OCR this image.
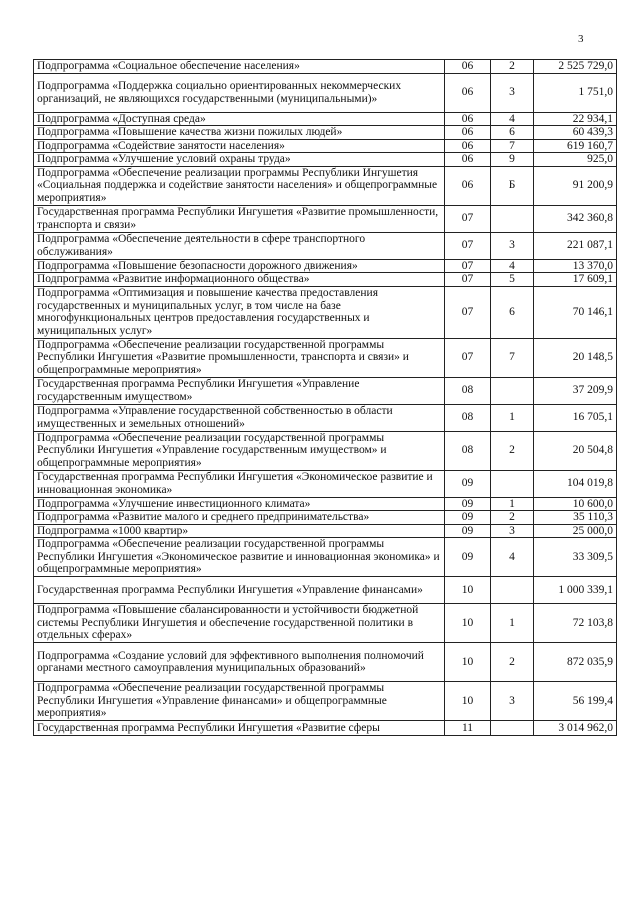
3
Подпрограмма «Социальное обеспечение населения»	06	2	2 525 729,0
Подпрограмма «Поддержка социально ориентированных некоммерческих организаций, не являющихся государственными (муниципальными)»	06	3	1 751,0
Подпрограмма «Доступная среда»	06	4	22 934,1
Подпрограмма «Повышение качества жизни пожилых людей»	06	6	60 439,3
Подпрограмма «Содействие занятости населения»	06	7	619 160,7
Подпрограмма «Улучшение условий охраны труда»	06	9	925,0
Подпрограмма «Обеспечение реализации программы Республики Ингушетия «Социальная поддержка и содействие занятости населения» и общепрограммные мероприятия»	06	Б	91 200,9
Государственная программа Республики Ингушетия «Развитие промышленности, транспорта и связи»	07		342 360,8
Подпрограмма «Обеспечение деятельности в сфере транспортного обслуживания»	07	3	221 087,1
Подпрограмма «Повышение безопасности дорожного движения»	07	4	13 370,0
Подпрограмма «Развитие информационного общества»	07	5	17 609,1
Подпрограмма «Оптимизация и повышение качества предоставления государственных и муниципальных услуг, в том числе на базе многофункциональных центров предоставления государственных и муниципальных услуг»	07	6	70 146,1
Подпрограмма «Обеспечение реализации государственной программы Республики Ингушетия «Развитие промышленности, транспорта и связи» и общепрограммные мероприятия»	07	7	20 148,5
Государственная программа Республики Ингушетия «Управление государственным имуществом»	08		37 209,9
Подпрограмма «Управление государственной собственностью в области имущественных и земельных отношений»	08	1	16 705,1
Подпрограмма «Обеспечение реализации государственной программы Республики Ингушетия «Управление государственным имуществом» и общепрограммные мероприятия»	08	2	20 504,8
Государственная программа Республики Ингушетия «Экономическое развитие и инновационная экономика»	09		104 019,8
Подпрограмма «Улучшение инвестиционного климата»	09	1	10 600,0
Подпрограмма «Развитие малого и среднего предпринимательства»	09	2	35 110,3
Подпрограмма «1000 квартир»	09	3	25 000,0
Подпрограмма «Обеспечение реализации государственной программы Республики Ингушетия «Экономическое развитие и инновационная экономика» и общепрограммные мероприятия»	09	4	33 309,5
Государственная программа Республики Ингушетия «Управление финансами»	10		1 000 339,1
Подпрограмма «Повышение сбалансированности и устойчивости бюджетной системы Республики Ингушетия и обеспечение государственной политики в отдельных сферах»	10	1	72 103,8
Подпрограмма «Создание условий для эффективного выполнения полномочий органами местного самоуправления муниципальных образований»	10	2	872 035,9
Подпрограмма «Обеспечение реализации государственной программы Республики Ингушетия «Управление финансами» и общепрограммные мероприятия»	10	3	56 199,4
Государственная программа Республики Ингушетия «Развитие сферы	11		3 014 962,0
